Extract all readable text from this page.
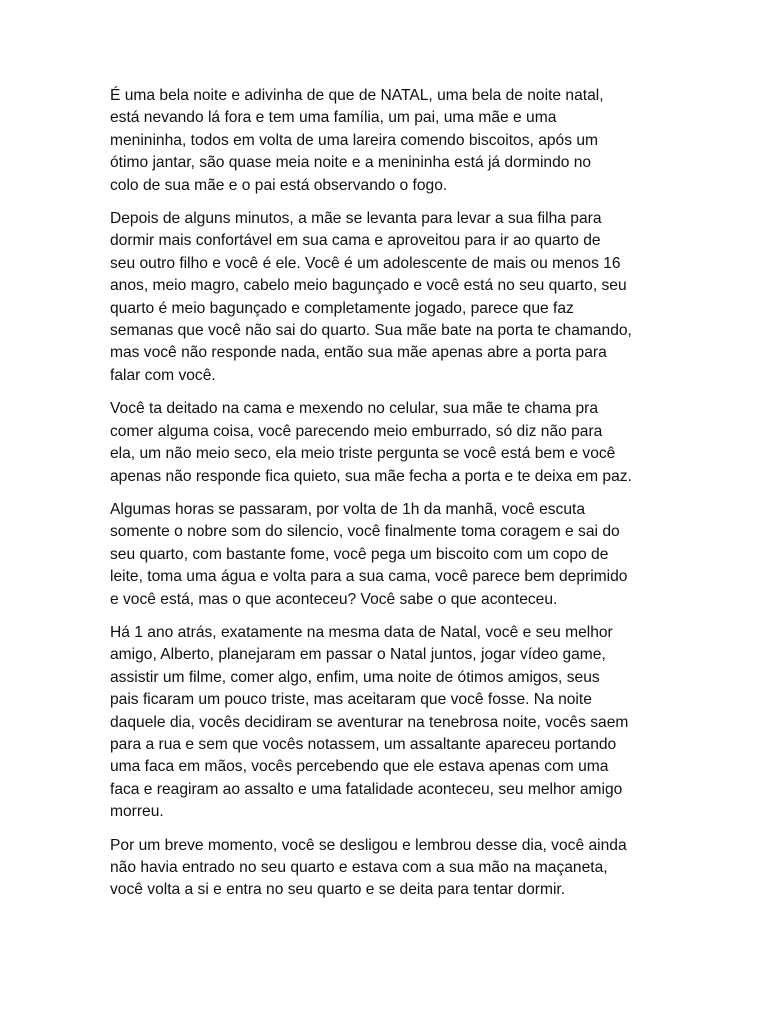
É uma bela noite e adivinha de que de NATAL, uma bela de noite natal,
está nevando lá fora e tem uma família, um pai, uma mãe e uma
menininha, todos em volta de uma lareira comendo biscoitos, após um
ótimo jantar, são quase meia noite e a menininha está já dormindo no
colo de sua mãe e o pai está observando o fogo.

Depois de alguns minutos, a mãe se levanta para levar a sua filha para
dormir mais confortável em sua cama e aproveitou para ir ao quarto de
seu outro filho e você é ele. Você é um adolescente de mais ou menos 16
anos, meio magro, cabelo meio bagunçado e você está no seu quarto, seu
quarto é meio bagunçado e completamente jogado, parece que faz
semanas que você não sai do quarto. Sua mãe bate na porta te chamando,
mas você não responde nada, então sua mãe apenas abre a porta para
falar com você.

Você ta deitado na cama e mexendo no celular, sua mãe te chama pra
comer alguma coisa, você parecendo meio emburrado, só diz não para
ela, um não meio seco, ela meio triste pergunta se você está bem e você
apenas não responde fica quieto, sua mãe fecha a porta e te deixa em paz.

Algumas horas se passaram, por volta de 1h da manhã, você escuta
somente o nobre som do silencio, você finalmente toma coragem e sai do
seu quarto, com bastante fome, você pega um biscoito com um copo de
leite, toma uma água e volta para a sua cama, você parece bem deprimido
e você está, mas o que aconteceu? Você sabe o que aconteceu.

Há 1 ano atrás, exatamente na mesma data de Natal, você e seu melhor
amigo, Alberto, planejaram em passar o Natal juntos, jogar vídeo game,
assistir um filme, comer algo, enfim, uma noite de ótimos amigos, seus
pais ficaram um pouco triste, mas aceitaram que você fosse. Na noite
daquele dia, vocês decidiram se aventurar na tenebrosa noite, vocês saem
para a rua e sem que vocês notassem, um assaltante apareceu portando
uma faca em mãos, vocês percebendo que ele estava apenas com uma
faca e reagiram ao assalto e uma fatalidade aconteceu, seu melhor amigo
morreu.

Por um breve momento, você se desligou e lembrou desse dia, você ainda
não havia entrado no seu quarto e estava com a sua mão na maçaneta,
você volta a si e entra no seu quarto e se deita para tentar dormir.
